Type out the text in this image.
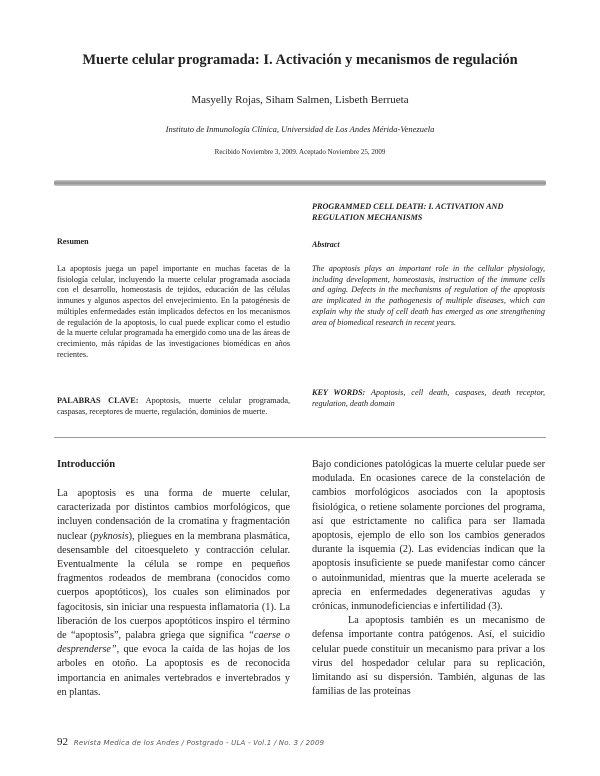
Muerte celular programada: I. Activación y mecanismos de regulación
Masyelly Rojas, Siham Salmen, Lisbeth Berrueta
Instituto de Inmunología Clínica, Universidad de Los Andes Mérida-Venezuela
Recibido Noviembre 3, 2009. Aceptado Noviembre 25, 2009
PROGRAMMED CELL DEATH: I. ACTIVATION AND REGULATION MECHANISMS
Resumen	Abstract
La apoptosis juega un papel importante en muchas facetas de la fisiología celular, incluyendo la muerte celular programada asociada con el desarrollo, homeostasis de tejidos, educación de las células inmunes y algunos aspectos del envejecimiento. En la patogénesis de múltiples enfermedades están implicados defectos en los mecanismos de regulación de la apoptosis, lo cual puede explicar como el estudio de la muerte celular programada ha emergido como una de las áreas de crecimiento, más rápidas de las investigaciones biomédicas en años recientes.
The apoptosis plays an important role in the cellular physiology, including development, homeostasis, instruction of the immune cells and aging. Defects in the mechanisms of regulation of the apoptosis are implicated in the pathogenesis of multiple diseases, which can explain why the study of cell death has emerged as one strengthening area of biomedical research in recent years.
PALABRAS CLAVE: Apoptosis, muerte celular programada, caspasas, receptores de muerte, regulación, dominios de muerte.
KEY WORDS: Apoptosis, cell death, caspases, death receptor, regulation, death domain
Introducción
La apoptosis es una forma de muerte celular, caracterizada por distintos cambios morfológicos, que incluyen condensación de la cromatina y fragmentación nuclear (pyknosis), pliegues en la membrana plasmática, desensamble del citoesqueleto y contracción celular. Eventualmente la célula se rompe en pequeños fragmentos rodeados de membrana (conocidos como cuerpos apoptóticos), los cuales son eliminados por fagocitosis, sin iniciar una respuesta inflamatoria (1). La liberación de los cuerpos apoptóticos inspiro el término de “apoptosis”, palabra griega que significa “caerse o desprenderse”, que evoca la caída de las hojas de los arboles en otoño. La apoptosis es de reconocida importancia en animales vertebrados e invertebrados y en plantas.
Bajo condiciones patológicas la muerte celular puede ser modulada. En ocasiones carece de la constelación de cambios morfológicos asociados con la apoptosis fisiológica, o retiene solamente porciones del programa, así que estrictamente no califica para ser llamada apoptosis, ejemplo de ello son los cambios generados durante la isquemia (2). Las evidencias indican que la apoptosis insuficiente se puede manifestar como cáncer o autoinmunidad, mientras que la muerte acelerada se aprecia en enfermedades degenerativas agudas y crónicas, inmunodeficiencias e infertilidad (3).
La apoptosis también es un mecanismo de defensa importante contra patógenos. Así, el suicidio celular puede constituir un mecanismo para privar a los virus del hospedador celular para su replicación, limitando así su dispersión. También, algunas de las familias de las proteínas
92 Revista Medica de los Andes / Postgrado - ULA - Vol.1 / No. 3 / 2009
